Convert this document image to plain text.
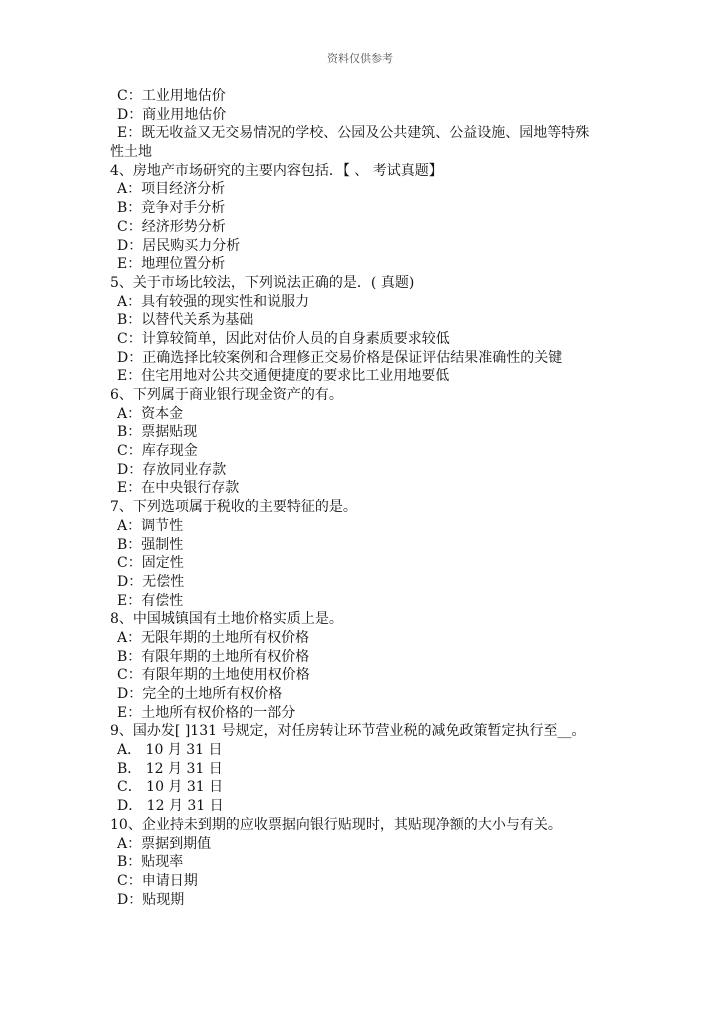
资料仅供参考
C：工业用地估价
D：商业用地估价
E：既无收益又无交易情况的学校、公园及公共建筑、公益设施、园地等特殊
性土地
4、房地产市场研究的主要内容包括．【 、 考试真题】
A：项目经济分析
B：竞争对手分析
C：经济形势分析
D：居民购买力分析
E：地理位置分析
5、关于市场比较法，下列说法正确的是．( 真题)
A：具有较强的现实性和说服力
B：以替代关系为基础
C：计算较简单，因此对估价人员的自身素质要求较低
D：正确选择比较案例和合理修正交易价格是保证评估结果准确性的关键
E：住宅用地对公共交通便捷度的要求比工业用地要低
6、下列属于商业银行现金资产的有。
A：资本金
B：票据贴现
C：库存现金
D：存放同业存款
E：在中央银行存款
7、下列选项属于税收的主要特征的是。
A：调节性
B：强制性
C：固定性
D：无偿性
E：有偿性
8、中国城镇国有土地价格实质上是。
A：无限年期的土地所有权价格
B：有限年期的土地所有权价格
C：有限年期的土地使用权价格
D：完全的土地所有权价格
E：土地所有权价格的一部分
9、国办发[ ]131 号规定，对任房转让环节营业税的减免政策暂定执行至__。
A． 10 月 31 日
B． 12 月 31 日
C． 10 月 31 日
D． 12 月 31 日
10、企业持未到期的应收票据向银行贴现时，其贴现净额的大小与有关。
A：票据到期值
B：贴现率
C：申请日期
D：贴现期
